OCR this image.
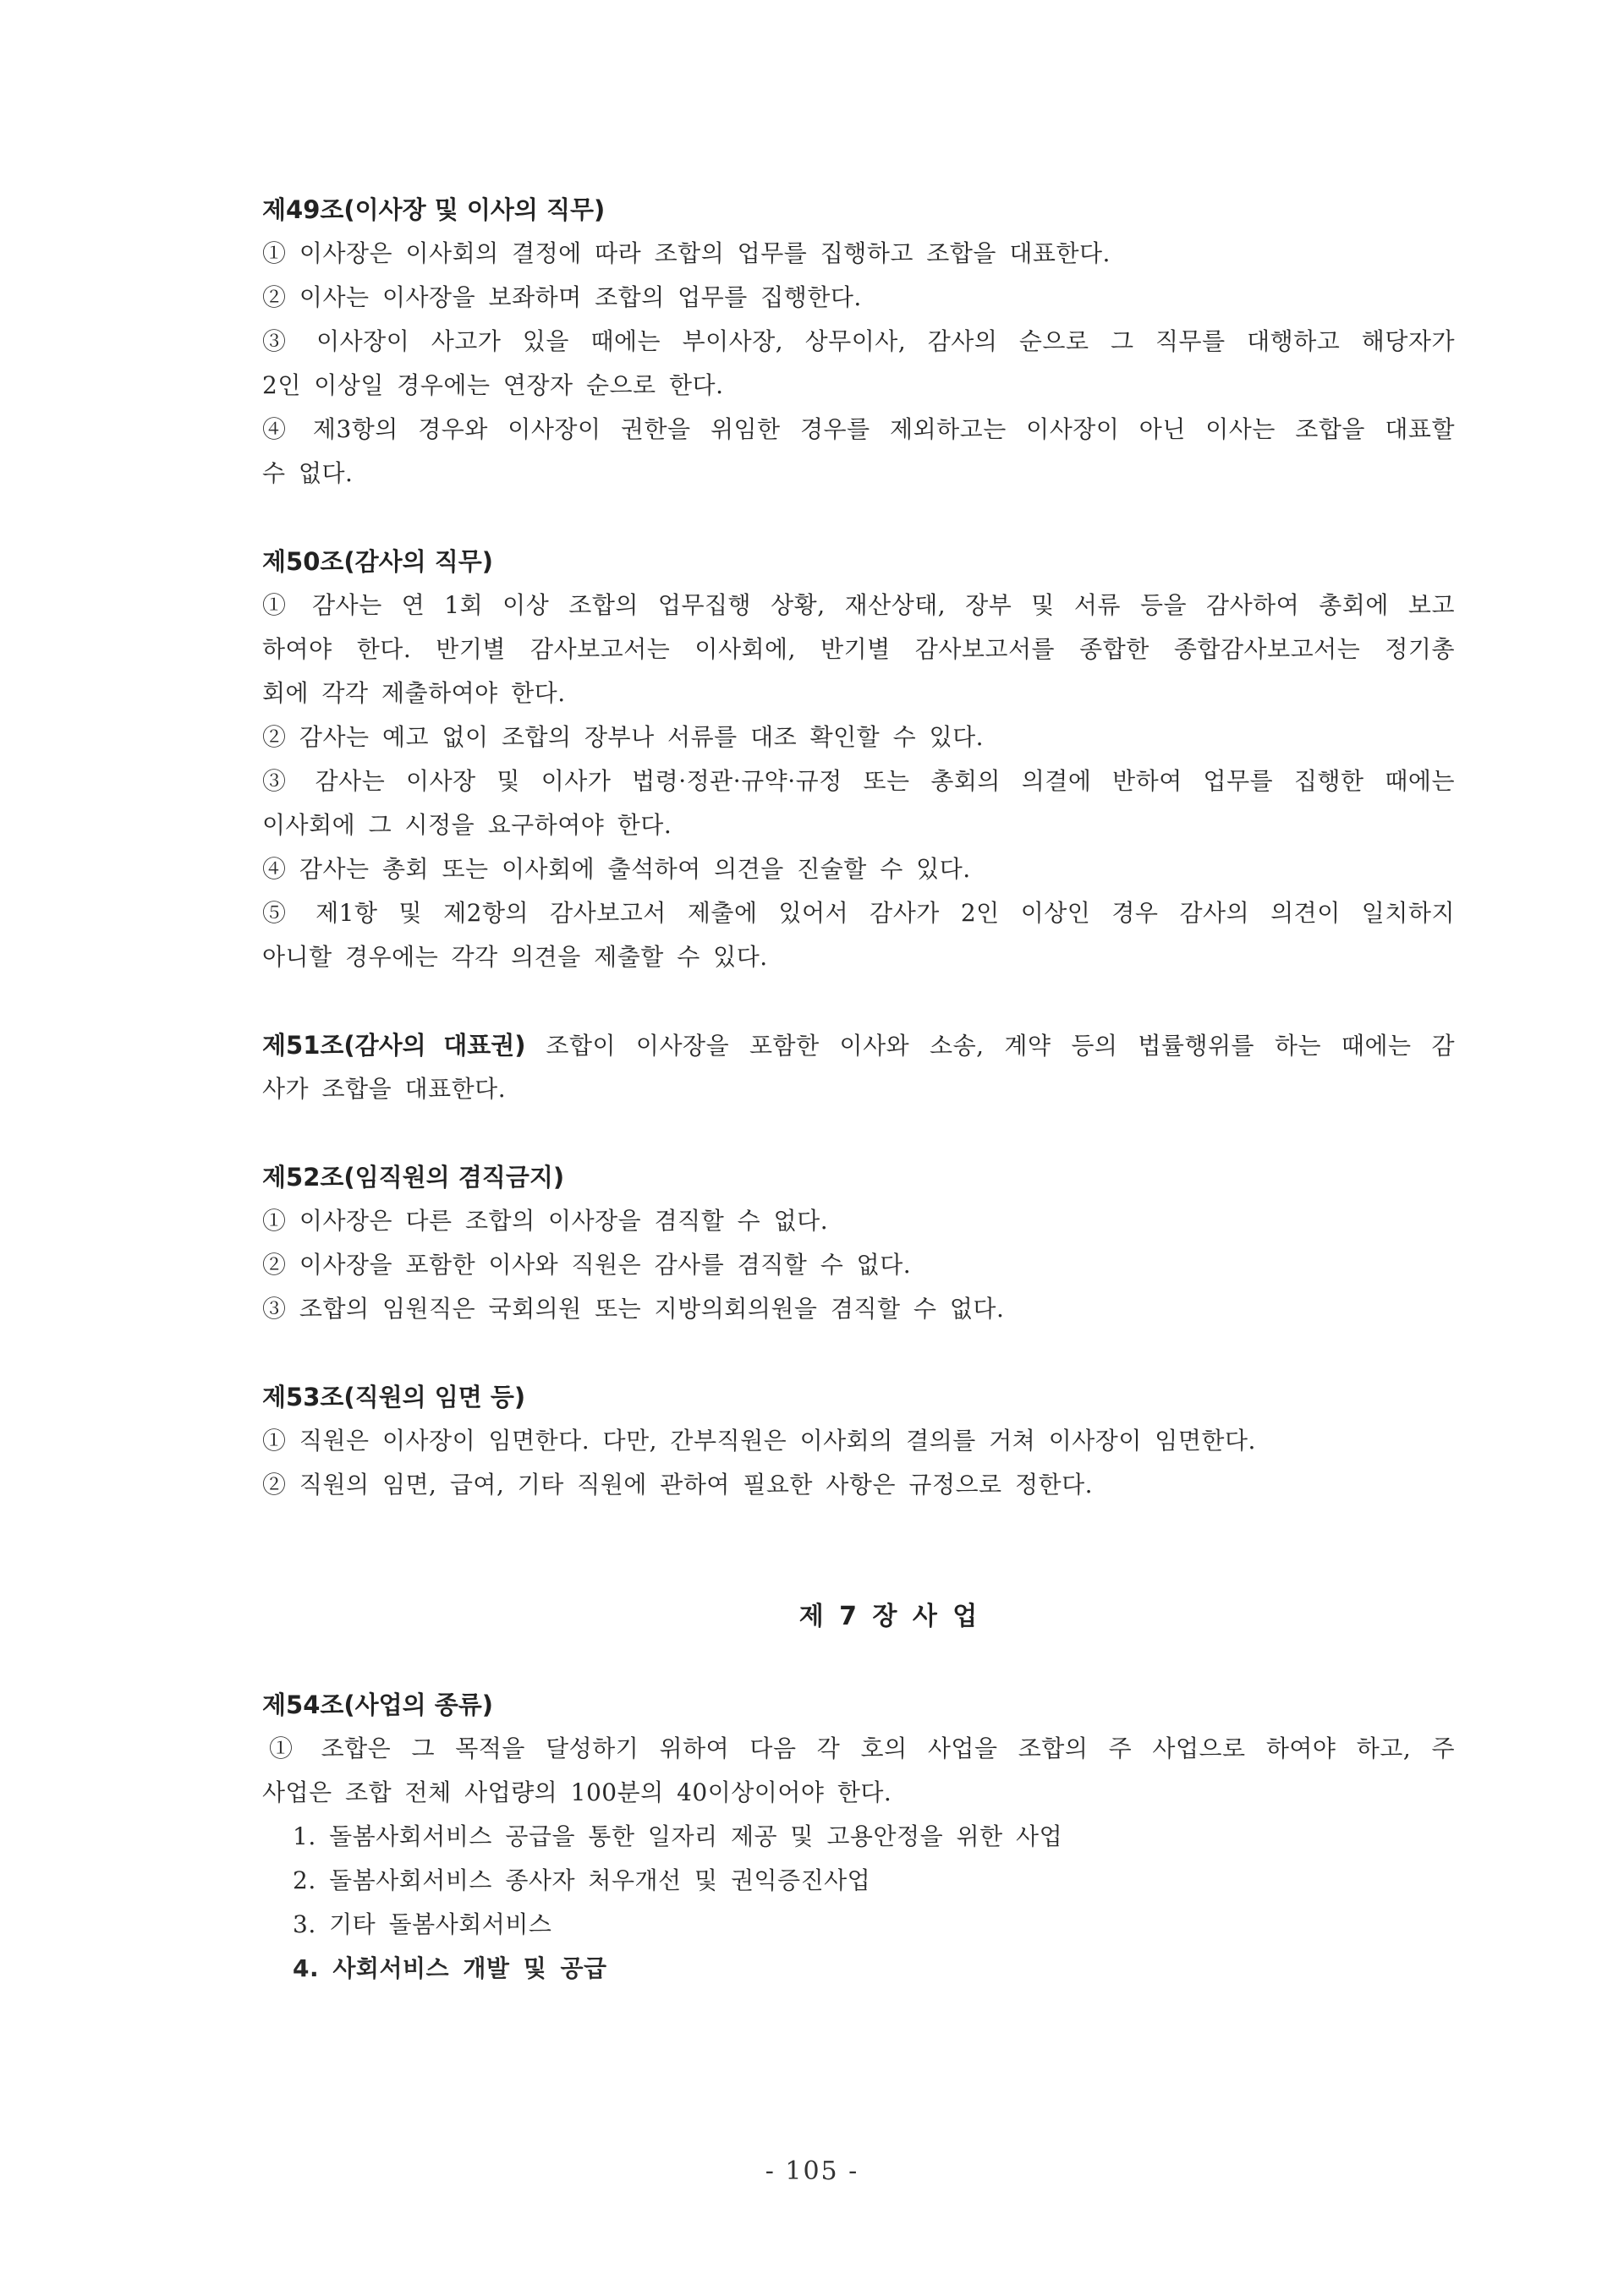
제49조(이사장 및 이사의 직무)
① 이사장은 이사회의 결정에 따라 조합의 업무를 집행하고 조합을 대표한다.
② 이사는 이사장을 보좌하며 조합의 업무를 집행한다.
③ 이사장이 사고가 있을 때에는 부이사장, 상무이사, 감사의 순으로 그 직무를 대행하고 해당자가
2인 이상일 경우에는 연장자 순으로 한다.
④ 제3항의 경우와 이사장이 권한을 위임한 경우를 제외하고는 이사장이 아닌 이사는 조합을 대표할
수 없다.
제50조(감사의 직무)
① 감사는 연 1회 이상 조합의 업무집행 상황, 재산상태, 장부 및 서류 등을 감사하여 총회에 보고
하여야 한다. 반기별 감사보고서는 이사회에, 반기별 감사보고서를 종합한 종합감사보고서는 정기총
회에 각각 제출하여야 한다.
② 감사는 예고 없이 조합의 장부나 서류를 대조 확인할 수 있다.
③ 감사는 이사장 및 이사가 법령·정관·규약·규정 또는 총회의 의결에 반하여 업무를 집행한 때에는
이사회에 그 시정을 요구하여야 한다.
④ 감사는 총회 또는 이사회에 출석하여 의견을 진술할 수 있다.
⑤ 제1항 및 제2항의 감사보고서 제출에 있어서 감사가 2인 이상인 경우 감사의 의견이 일치하지
아니할 경우에는 각각 의견을 제출할 수 있다.
제51조(감사의 대표권) 조합이 이사장을 포함한 이사와 소송, 계약 등의 법률행위를 하는 때에는 감
사가 조합을 대표한다.
제52조(임직원의 겸직금지)
① 이사장은 다른 조합의 이사장을 겸직할 수 없다.
② 이사장을 포함한 이사와 직원은 감사를 겸직할 수 없다.
③ 조합의 임원직은 국회의원 또는 지방의회의원을 겸직할 수 없다.
제53조(직원의 임면 등)
① 직원은 이사장이 임면한다. 다만, 간부직원은 이사회의 결의를 거쳐 이사장이 임면한다.
② 직원의 임면, 급여, 기타 직원에 관하여 필요한 사항은 규정으로 정한다.
제 7 장 사 업
제54조(사업의 종류)
① 조합은 그 목적을 달성하기 위하여 다음 각 호의 사업을 조합의 주 사업으로 하여야 하고, 주
사업은 조합 전체 사업량의 100분의 40이상이어야 한다.
1. 돌봄사회서비스 공급을 통한 일자리 제공 및 고용안정을 위한 사업
2. 돌봄사회서비스 종사자 처우개선 및 권익증진사업
3. 기타 돌봄사회서비스
4. 사회서비스 개발 및 공급
- 105 -
